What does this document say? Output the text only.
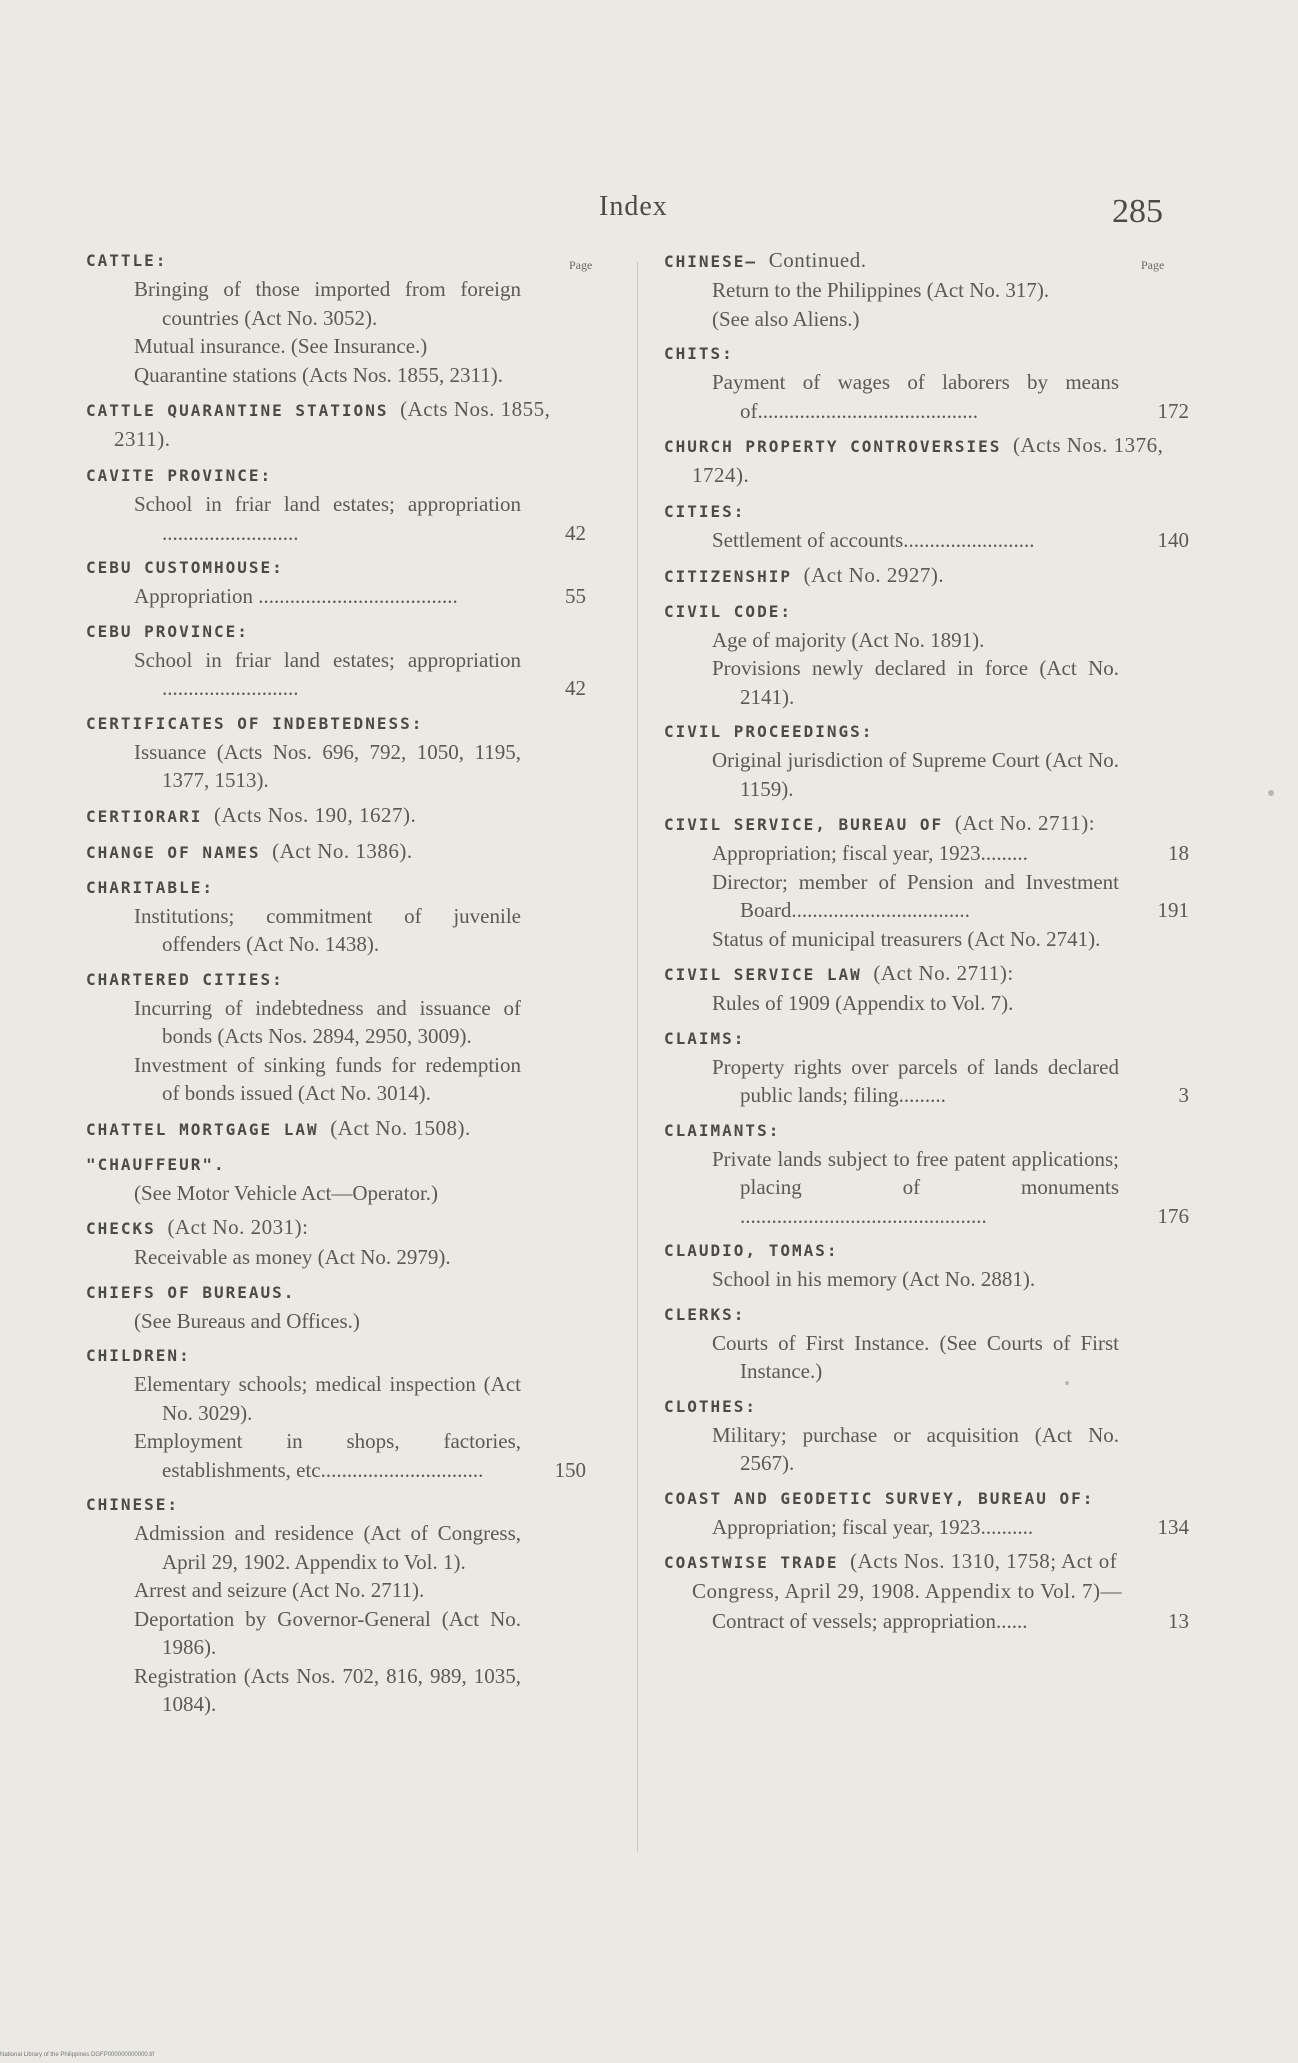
Index	285
Page	Page
CATTLE:
Bringing of those imported from foreign countries (Act No. 3052).
Mutual insurance. (See Insurance.)
Quarantine stations (Acts Nos. 1855, 2311).
CATTLE QUARANTINE STATIONS (Acts Nos. 1855, 2311).
CAVITE PROVINCE:
School in friar land estates; appropriation ..........................	42
CEBU CUSTOMHOUSE:
Appropriation ......................................	55
CEBU PROVINCE:
School in friar land estates; appropriation ..........................	42
CERTIFICATES OF INDEBTEDNESS:
Issuance (Acts Nos. 696, 792, 1050, 1195, 1377, 1513).
CERTIORARI (Acts Nos. 190, 1627).
CHANGE OF NAMES (Act No. 1386).
CHARITABLE:
Institutions; commitment of juvenile offenders (Act No. 1438).
CHARTERED CITIES:
Incurring of indebtedness and issuance of bonds (Acts Nos. 2894, 2950, 3009).
Investment of sinking funds for redemption of bonds issued (Act No. 3014).
CHATTEL MORTGAGE LAW (Act No. 1508).
"CHAUFFEUR".
(See Motor Vehicle Act—Operator.)
CHECKS (Act No. 2031):
Receivable as money (Act No. 2979).
CHIEFS OF BUREAUS.
(See Bureaus and Offices.)
CHILDREN:
Elementary schools; medical inspection (Act No. 3029).
Employment in shops, factories, establishments, etc...............................	150
CHINESE:
Admission and residence (Act of Congress, April 29, 1902. Appendix to Vol. 1).
Arrest and seizure (Act No. 2711).
Deportation by Governor-General (Act No. 1986).
Registration (Acts Nos. 702, 816, 989, 1035, 1084).
CHINESE— Continued.
Return to the Philippines (Act No. 317).
(See also Aliens.)
CHITS:
Payment of wages of laborers by means of..........................................	172
CHURCH PROPERTY CONTROVERSIES (Acts Nos. 1376, 1724).
CITIES:
Settlement of accounts.........................	140
CITIZENSHIP (Act No. 2927).
CIVIL CODE:
Age of majority (Act No. 1891).
Provisions newly declared in force (Act No. 2141).
CIVIL PROCEEDINGS:
Original jurisdiction of Supreme Court (Act No. 1159).
CIVIL SERVICE, BUREAU OF (Act No. 2711):
Appropriation; fiscal year, 1923.........	18
Director; member of Pension and Investment Board..................................	191
Status of municipal treasurers (Act No. 2741).
CIVIL SERVICE LAW (Act No. 2711):
Rules of 1909 (Appendix to Vol. 7).
CLAIMS:
Property rights over parcels of lands declared public lands; filing.........	3
CLAIMANTS:
Private lands subject to free patent applications; placing of monuments ...............................................	176
CLAUDIO, TOMAS:
School in his memory (Act No. 2881).
CLERKS:
Courts of First Instance. (See Courts of First Instance.)
CLOTHES:
Military; purchase or acquisition (Act No. 2567).
COAST AND GEODETIC SURVEY, BUREAU OF:
Appropriation; fiscal year, 1923..........	134
COASTWISE TRADE (Acts Nos. 1310, 1758; Act of Congress, April 29, 1908. Appendix to Vol. 7)—
Contract of vessels; appropriation......	13
National Library of the Philippines DGFP000000000000.tif
